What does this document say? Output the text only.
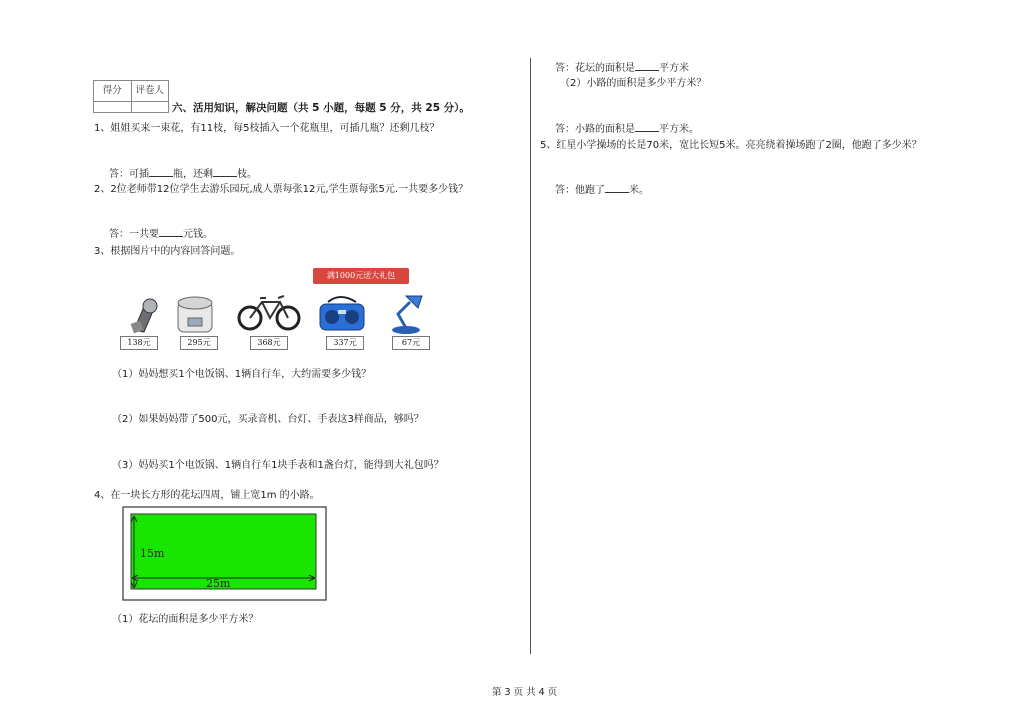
得分	评卷人
六、活用知识，解决问题（共 5 小题，每题 5 分，共 25 分）。
1、姐姐买来一束花，有11枝，每5枝插入一个花瓶里，可插几瓶？还剩几枝？
答：可插 瓶，还剩 枝。
2、2位老师带12位学生去游乐园玩,成人票每张12元,学生票每张5元.一共要多少钱？
答：一共要 元钱。
3、根据图片中的内容回答问题。
满1000元送大礼包
138元	295元	368元	337元	67元
（1）妈妈想买1个电饭锅、1辆自行车，大约需要多少钱？
（2）如果妈妈带了500元，买录音机、台灯、手表这3样商品，够吗？
（3）妈妈买1个电饭锅、1辆自行车1块手表和1盏台灯，能得到大礼包吗？
4、在一块长方形的花坛四周，铺上宽1m 的小路。
15m
25m
（1）花坛的面积是多少平方米？
答：花坛的面积是 平方米
（2）小路的面积是多少平方米？
答：小路的面积是 平方米。
5、红星小学操场的长是70米，宽比长短5米。亮亮绕着操场跑了2圈，他跑了多少米？
答：他跑了 米。
第 3 页 共 4 页
